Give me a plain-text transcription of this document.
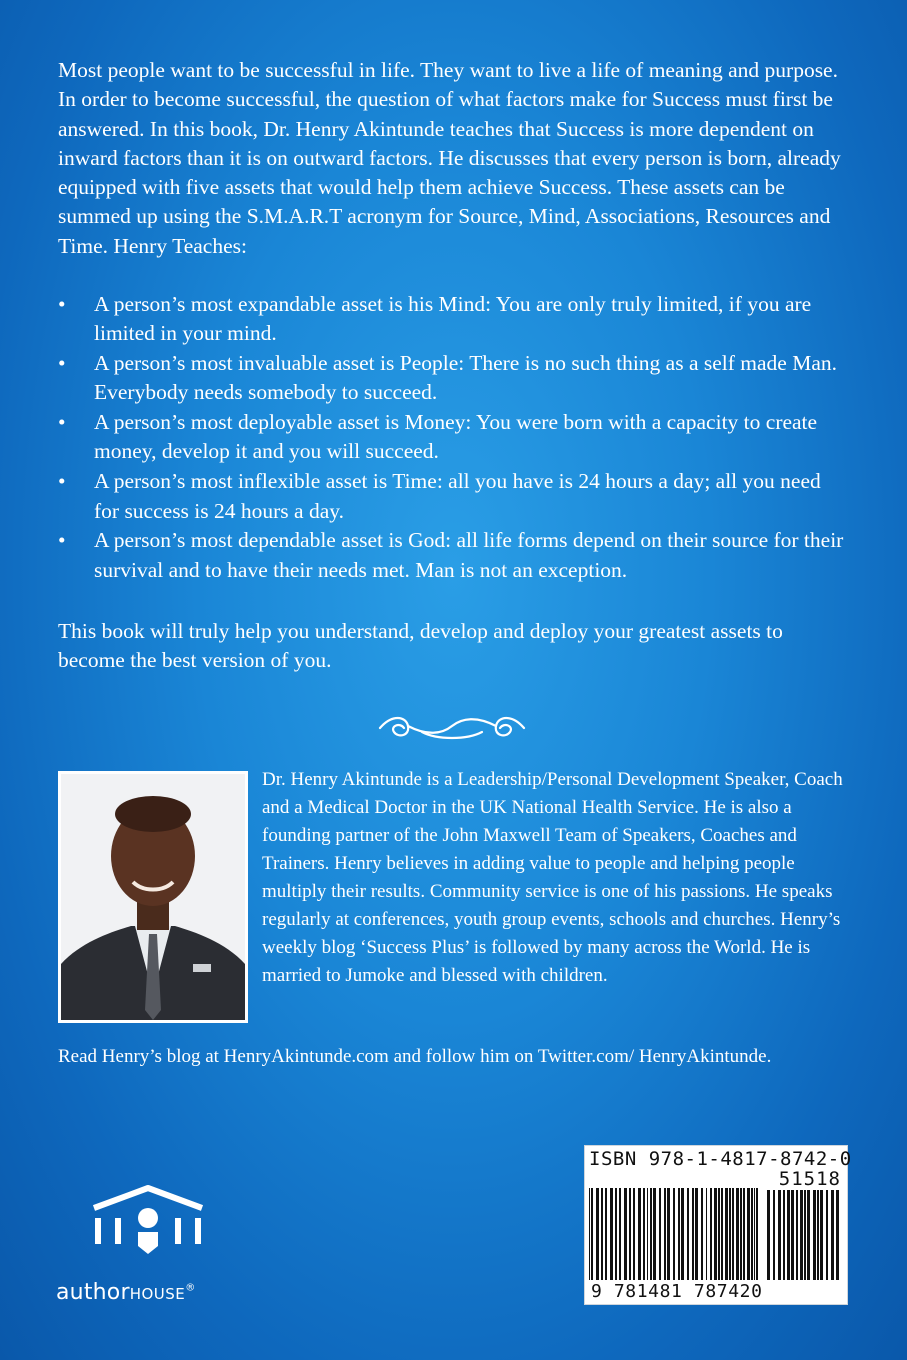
Most people want to be successful in life. They want to live a life of meaning and purpose. In order to become successful, the question of what factors make for Success must first be answered. In this book, Dr. Henry Akintunde teaches that Success is more dependent on inward factors than it is on outward factors. He discusses that every person is born, already equipped with five assets that would help them achieve Success. These assets can be summed up using the S.M.A.R.T acronym for Source, Mind, Associations, Resources and Time. Henry Teaches:

•	A person’s most expandable asset is his Mind: You are only truly limited, if you are limited in your mind.
•	A person’s most invaluable asset is People: There is no such thing as a self made Man. Everybody needs somebody to succeed.
•	A person’s most deployable asset is Money: You were born with a capacity to create money, develop it and you will succeed.
•	A person’s most inflexible asset is Time: all you have is 24 hours a day; all you need for success is 24 hours a day.
•	A person’s most dependable asset is God: all life forms depend on their source for their survival and to have their needs met. Man is not an exception.

This book will truly help you understand, develop and deploy your greatest assets to become the best version of you.

Dr. Henry Akintunde is a Leadership/Personal Development Speaker, Coach and a Medical Doctor in the UK National Health Service. He is also a founding partner of the John Maxwell Team of Speakers, Coaches and Trainers. Henry believes in adding value to people and helping people multiply their results. Community service is one of his passions. He speaks regularly at conferences, youth group events, schools and churches. Henry’s weekly blog ‘Success Plus’ is followed by many across the World. He is married to Jumoke and blessed with children.

Read Henry’s blog at HenryAkintunde.com and follow him on Twitter.com/ HenryAkintunde.

authorHOUSE®
ISBN 978-1-4817-8742-0
51518
9 781481 787420
